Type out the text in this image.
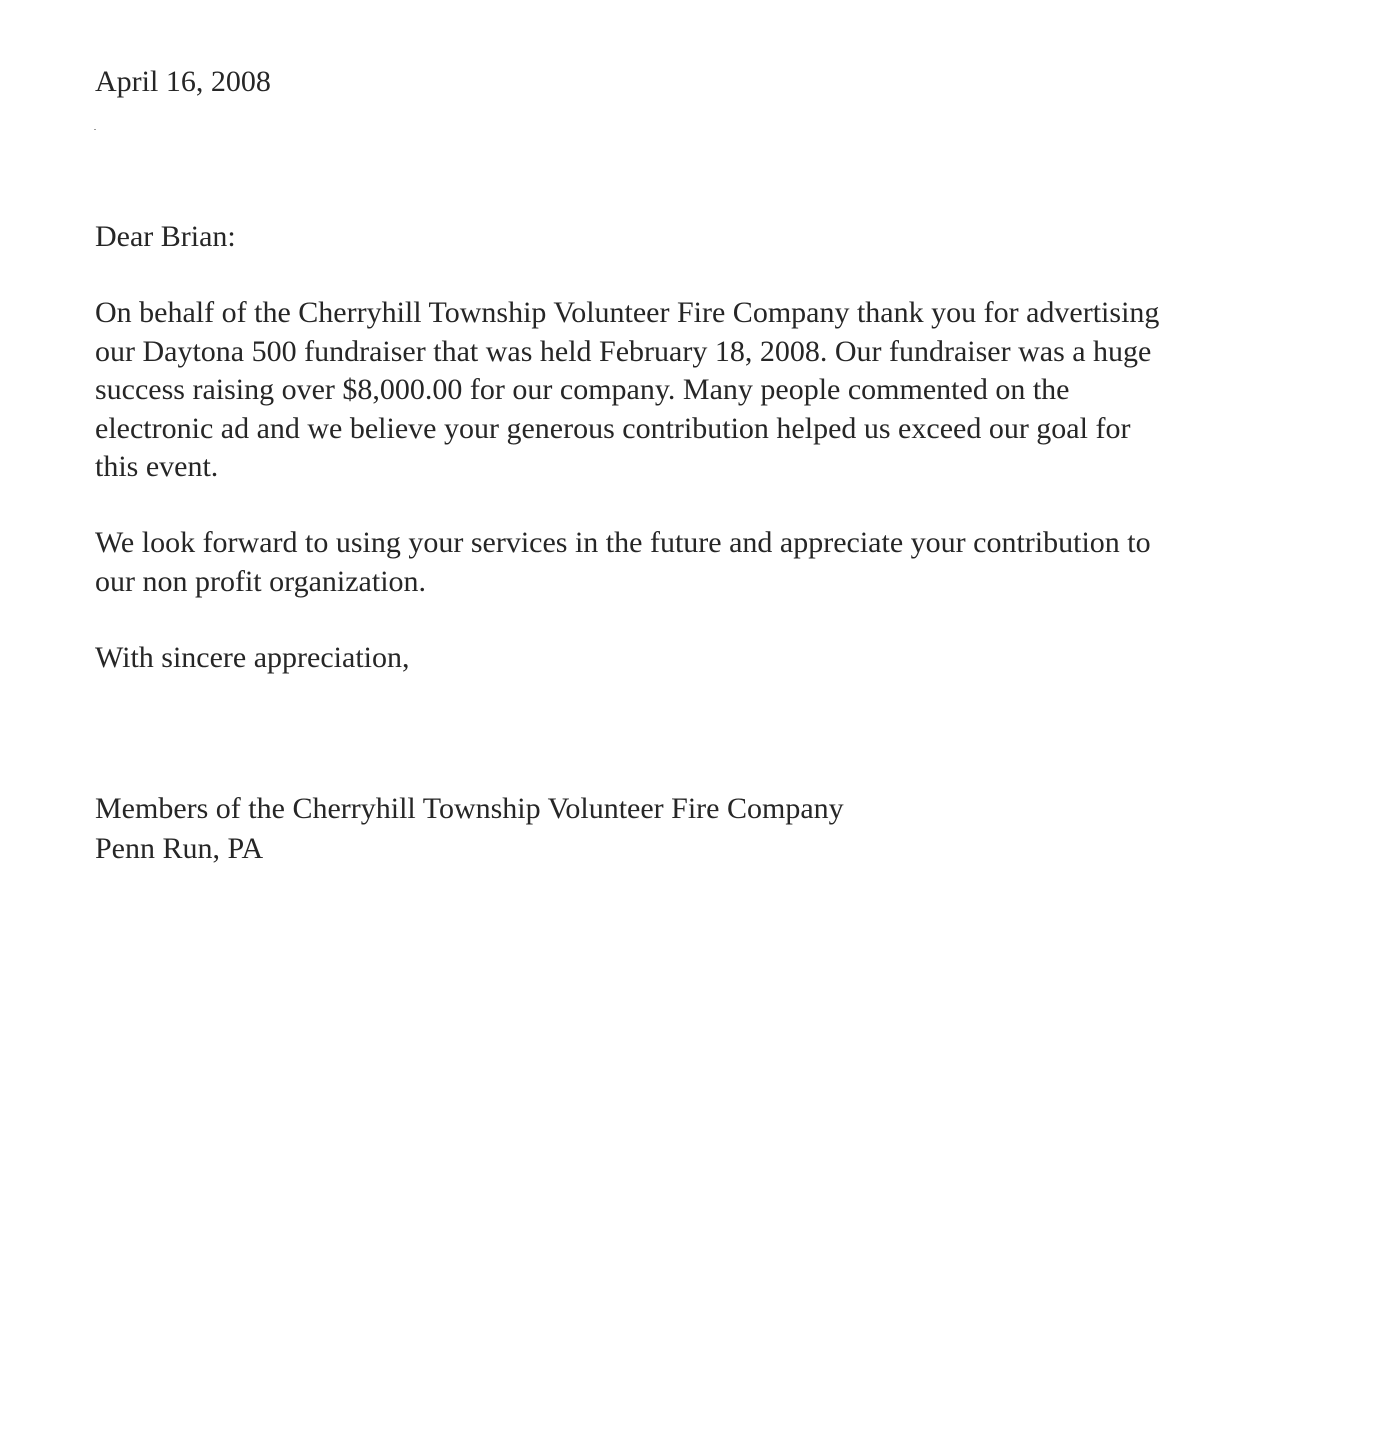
April 16, 2008

Dear Brian:

On behalf of the Cherryhill Township Volunteer Fire Company thank you for advertising
our Daytona 500 fundraiser that was held February 18, 2008. Our fundraiser was a huge
success raising over $8,000.00 for our company. Many people commented on the
electronic ad and we believe your generous contribution helped us exceed our goal for
this event.
We look forward to using your services in the future and appreciate your contribution to
our non profit organization.

With sincere appreciation,

Members of the Cherryhill Township Volunteer Fire Company

Penn Run, PA
